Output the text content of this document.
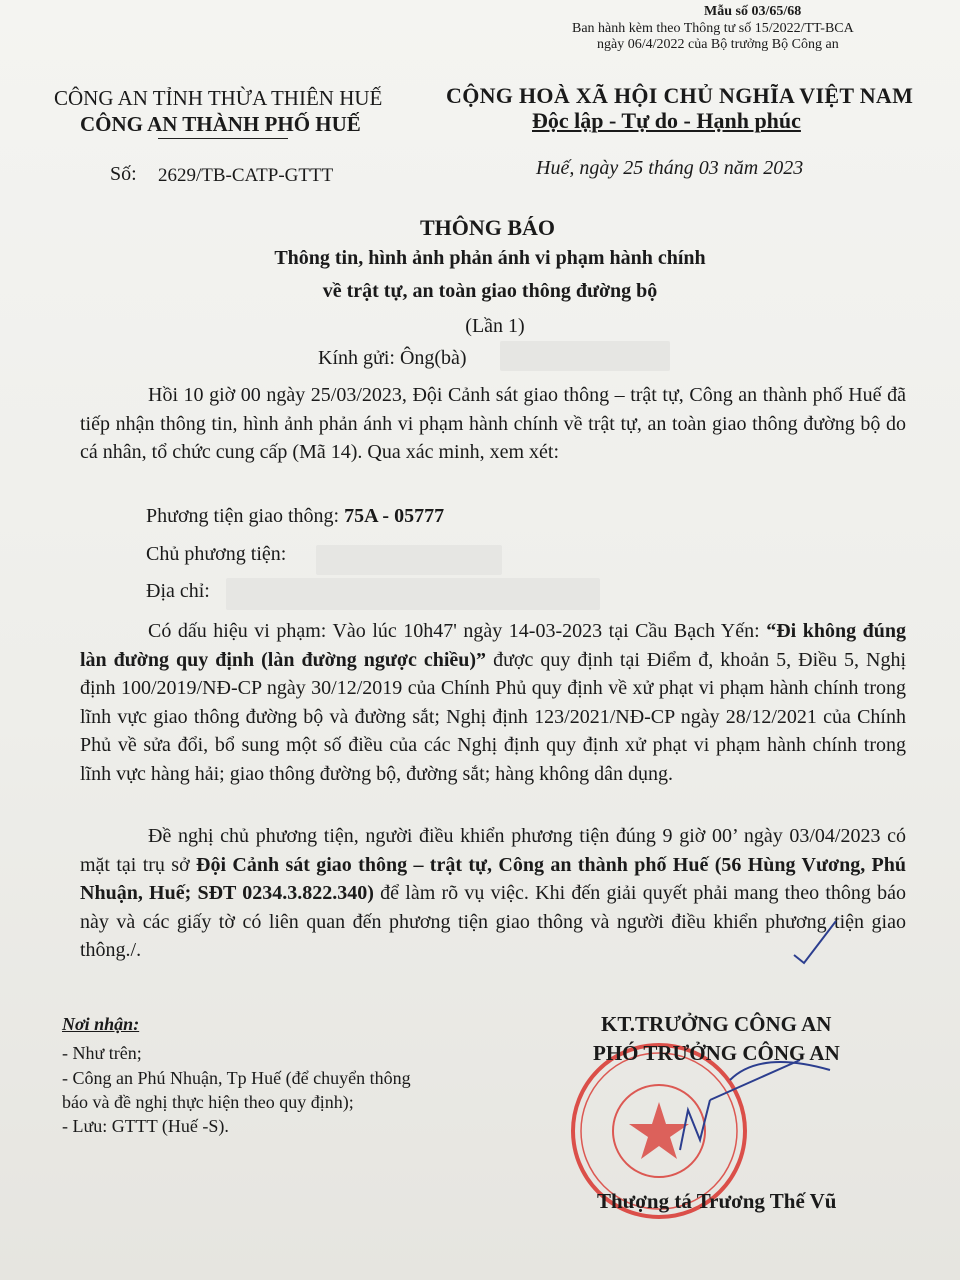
Mẫu số 03/65/68
Ban hành kèm theo Thông tư số 15/2022/TT-BCA
ngày 06/4/2022 của Bộ trưởng Bộ Công an
CÔNG AN TỈNH THỪA THIÊN HUẾ
CÔNG AN THÀNH PHỐ HUẾ
CỘNG HOÀ XÃ HỘI CHỦ NGHĨA VIỆT NAM
Độc lập - Tự do - Hạnh phúc
Số: 2629/TB-CATP-GTTT	Huế, ngày 25 tháng 03 năm 2023
THÔNG BÁO
Thông tin, hình ảnh phản ánh vi phạm hành chính
về trật tự, an toàn giao thông đường bộ
(Lần 1)
Kính gửi: Ông(bà)
Hồi 10 giờ 00 ngày 25/03/2023, Đội Cảnh sát giao thông – trật tự, Công an thành phố Huế đã tiếp nhận thông tin, hình ảnh phản ánh vi phạm hành chính về trật tự, an toàn giao thông đường bộ do cá nhân, tổ chức cung cấp (Mã 14). Qua xác minh, xem xét:
Phương tiện giao thông: 75A - 05777
Chủ phương tiện:
Địa chỉ:
Có dấu hiệu vi phạm: Vào lúc 10h47' ngày 14-03-2023 tại Cầu Bạch Yến: “Đi không đúng làn đường quy định (làn đường ngược chiều)” được quy định tại Điểm đ, khoản 5, Điều 5, Nghị định 100/2019/NĐ-CP ngày 30/12/2019 của Chính Phủ quy định về xử phạt vi phạm hành chính trong lĩnh vực giao thông đường bộ và đường sắt; Nghị định 123/2021/NĐ-CP ngày 28/12/2021 của Chính Phủ về sửa đổi, bổ sung một số điều của các Nghị định quy định xử phạt vi phạm hành chính trong lĩnh vực hàng hải; giao thông đường bộ, đường sắt; hàng không dân dụng.
Đề nghị chủ phương tiện, người điều khiển phương tiện đúng 9 giờ 00’ ngày 03/04/2023 có mặt tại trụ sở Đội Cảnh sát giao thông – trật tự, Công an thành phố Huế (56 Hùng Vương, Phú Nhuận, Huế; SĐT 0234.3.822.340) để làm rõ vụ việc. Khi đến giải quyết phải mang theo thông báo này và các giấy tờ có liên quan đến phương tiện giao thông và người điều khiển phương tiện giao thông./.
Nơi nhận:
- Như trên;
- Công an Phú Nhuận, Tp Huế (để chuyển thông
báo và đề nghị thực hiện theo quy định);
- Lưu: GTTT (Huế -S).
KT.TRƯỞNG CÔNG AN
PHÓ TRƯỞNG CÔNG AN
Thượng tá Trương Thế Vũ
